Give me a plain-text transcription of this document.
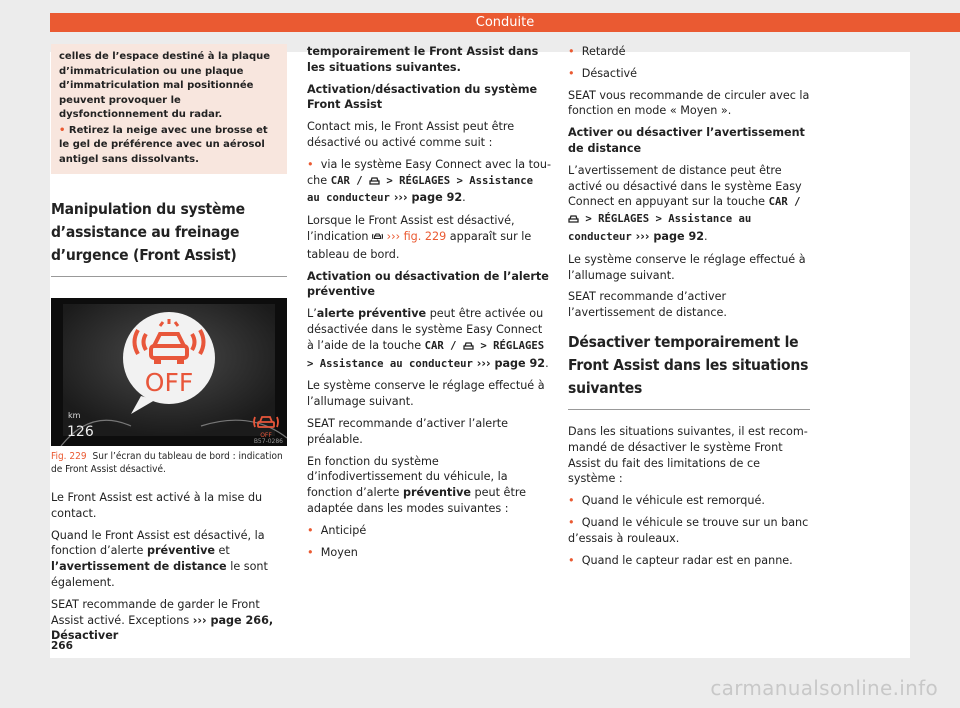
Conduite

celles de l’espace destiné à la plaque d’immatriculation ou une plaque d’immatriculation mal positionnée peuvent provoquer le dysfonctionnement du radar.

• Retirez la neige avec une brosse et le gel de préférence avec un aérosol antigel sans dissolvants.

Manipulation du système d’assistance au freinage d’urgence (Front Assist)
OFF
km
126	OFF
B57-0286

Fig. 229 Sur l’écran du tableau de bord : indication de Front Assist désactivé.

Le Front Assist est activé à la mise du contact.

Quand le Front Assist est désactivé, la fonction d’alerte préventive et l’avertissement de distance le sont également.

SEAT recommande de garder le Front Assist activé. Exceptions ››› page 266, Désactiver

temporairement le Front Assist dans les situations suivantes.

Activation/désactivation du système Front Assist

Contact mis, le Front Assist peut être désactivé ou activé comme suit :

• via le système Easy Connect avec la touche CAR /  > RÉGLAGES > Assistance au conducteur ››› page 92.

Lorsque le Front Assist est désactivé, l’indication  ››› fig. 229 apparaît sur le tableau de bord.

Activation ou désactivation de l’alerte préventive

L’alerte préventive peut être activée ou désactivée dans le système Easy Connect à l’aide de la touche CAR /  > RÉGLAGES > Assistance au conducteur ››› page 92.

Le système conserve le réglage effectué à l’allumage suivant.

SEAT recommande d’activer l’alerte préalable.

En fonction du système d’infodivertissement du véhicule, la fonction d’alerte préventive peut être adaptée dans les modes suivantes :

• Anticipé
• Moyen
• Retardé
• Désactivé

SEAT vous recommande de circuler avec la fonction en mode « Moyen ».

Activer ou désactiver l’avertissement de distance

L’avertissement de distance peut être activé ou désactivé dans le système Easy Connect en appuyant sur la touche CAR /  > RÉGLAGES > Assistance au conducteur ››› page 92.

Le système conserve le réglage effectué à l’allumage suivant.

SEAT recommande d’activer l’avertissement de distance.

Désactiver temporairement le Front Assist dans les situations suivantes

Dans les situations suivantes, il est recommandé de désactiver le système Front Assist du fait des limitations de ce système :

• Quand le véhicule est remorqué.
• Quand le véhicule se trouve sur un banc d’essais à rouleaux.
• Quand le capteur radar est en panne.
266
carmanualsonline.info
